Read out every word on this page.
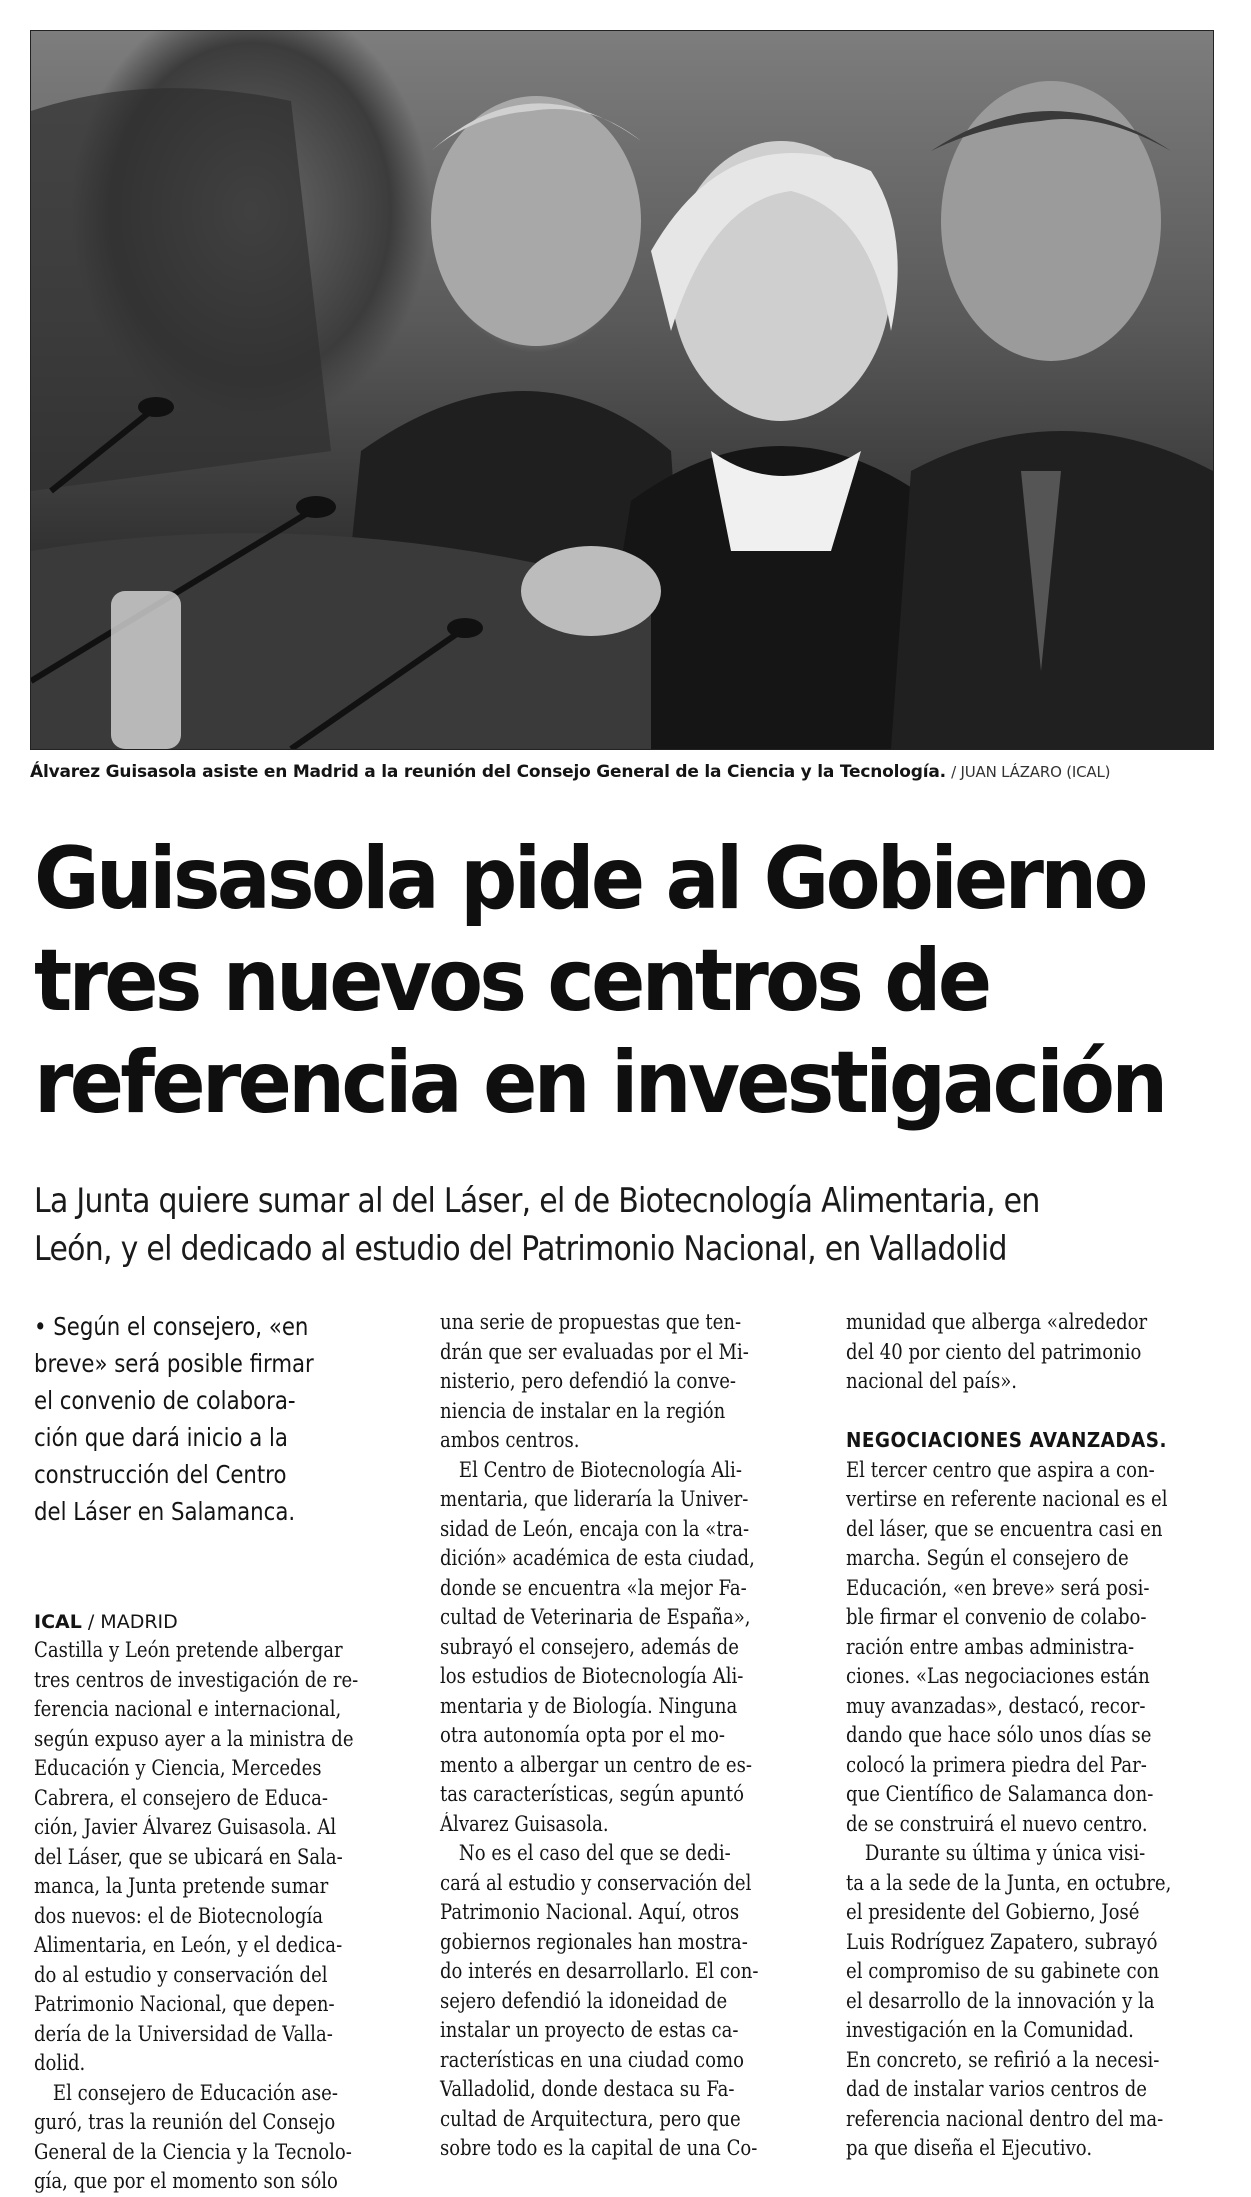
Álvarez Guisasola asiste en Madrid a la reunión del Consejo General de la Ciencia y la Tecnología. / JUAN LÁZARO (ICAL)
Guisasola pide al Gobierno
tres nuevos centros de
referencia en investigación
La Junta quiere sumar al del Láser, el de Biotecnología Alimentaria, en
León, y el dedicado al estudio del Patrimonio Nacional, en Valladolid
• Según el consejero, «en
breve» será posible firmar
el convenio de colabora-
ción que dará inicio a la
construcción del Centro
del Láser en Salamanca.
ICAL / MADRID
Castilla y León pretende albergar
tres centros de investigación de re-
ferencia nacional e internacional,
según expuso ayer a la ministra de
Educación y Ciencia, Mercedes
Cabrera, el consejero de Educa-
ción, Javier Álvarez Guisasola. Al
del Láser, que se ubicará en Sala-
manca, la Junta pretende sumar
dos nuevos: el de Biotecnología
Alimentaria, en León, y el dedica-
do al estudio y conservación del
Patrimonio Nacional, que depen-
dería de la Universidad de Valla-
dolid.
El consejero de Educación ase-
guró, tras la reunión del Consejo
General de la Ciencia y la Tecnolo-
gía, que por el momento son sólo
una serie de propuestas que ten-
drán que ser evaluadas por el Mi-
nisterio, pero defendió la conve-
niencia de instalar en la región
ambos centros.
El Centro de Biotecnología Ali-
mentaria, que lideraría la Univer-
sidad de León, encaja con la «tra-
dición» académica de esta ciudad,
donde se encuentra «la mejor Fa-
cultad de Veterinaria de España»,
subrayó el consejero, además de
los estudios de Biotecnología Ali-
mentaria y de Biología. Ninguna
otra autonomía opta por el mo-
mento a albergar un centro de es-
tas características, según apuntó
Álvarez Guisasola.
No es el caso del que se dedi-
cará al estudio y conservación del
Patrimonio Nacional. Aquí, otros
gobiernos regionales han mostra-
do interés en desarrollarlo. El con-
sejero defendió la idoneidad de
instalar un proyecto de estas ca-
racterísticas en una ciudad como
Valladolid, donde destaca su Fa-
cultad de Arquitectura, pero que
sobre todo es la capital de una Co-
munidad que alberga «alrededor
del 40 por ciento del patrimonio
nacional del país».
NEGOCIACIONES AVANZADAS.
El tercer centro que aspira a con-
vertirse en referente nacional es el
del láser, que se encuentra casi en
marcha. Según el consejero de
Educación, «en breve» será posi-
ble firmar el convenio de colabo-
ración entre ambas administra-
ciones. «Las negociaciones están
muy avanzadas», destacó, recor-
dando que hace sólo unos días se
colocó la primera piedra del Par-
que Científico de Salamanca don-
de se construirá el nuevo centro.
Durante su última y única visi-
ta a la sede de la Junta, en octubre,
el presidente del Gobierno, José
Luis Rodríguez Zapatero, subrayó
el compromiso de su gabinete con
el desarrollo de la innovación y la
investigación en la Comunidad.
En concreto, se refirió a la necesi-
dad de instalar varios centros de
referencia nacional dentro del ma-
pa que diseña el Ejecutivo.
